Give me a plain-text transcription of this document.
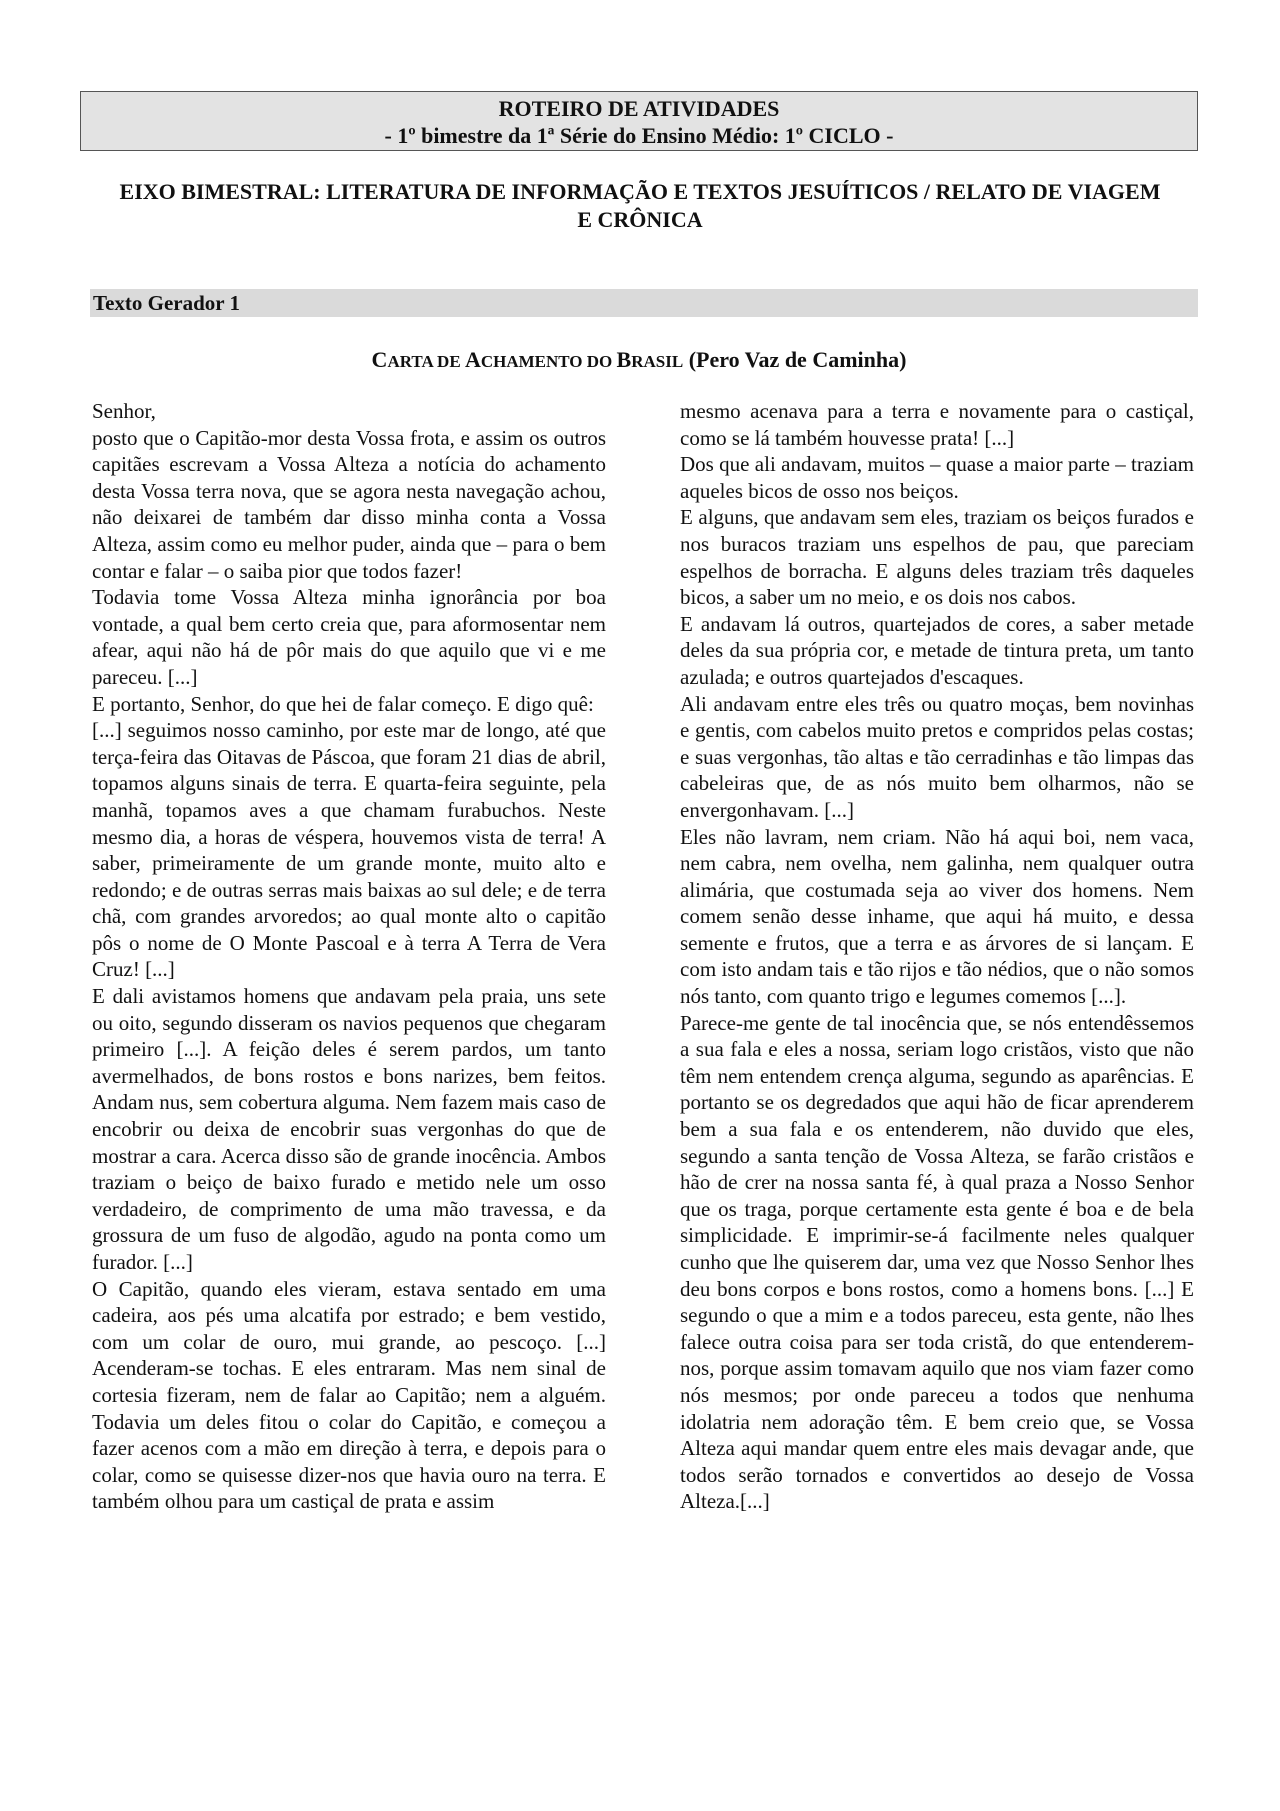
ROTEIRO DE ATIVIDADES
- 1º bimestre da 1ª Série do Ensino Médio: 1º CICLO -
EIXO BIMESTRAL: LITERATURA DE INFORMAÇÃO E TEXTOS JESUÍTICOS / RELATO DE VIAGEM E CRÔNICA
Texto Gerador 1
CARTA DE ACHAMENTO DO BRASIL (Pero Vaz de Caminha)

Senhor,

posto que o Capitão-mor desta Vossa frota, e assim os outros capitães escrevam a Vossa Alteza a notícia do achamento desta Vossa terra nova, que se agora nesta navegação achou, não deixarei de também dar disso minha conta a Vossa Alteza, assim como eu melhor puder, ainda que – para o bem contar e falar – o saiba pior que todos fazer!

Todavia tome Vossa Alteza minha ignorância por boa vontade, a qual bem certo creia que, para aformosentar nem afear, aqui não há de pôr mais do que aquilo que vi e me pareceu. [...]

E portanto, Senhor, do que hei de falar começo. E digo quê:

[...] seguimos nosso caminho, por este mar de longo, até que terça-feira das Oitavas de Páscoa, que foram 21 dias de abril, topamos alguns sinais de terra. E quarta-feira seguinte, pela manhã, topamos aves a que chamam furabuchos. Neste mesmo dia, a horas de véspera, houvemos vista de terra! A saber, primeiramente de um grande monte, muito alto e redondo; e de outras serras mais baixas ao sul dele; e de terra chã, com grandes arvoredos; ao qual monte alto o capitão pôs o nome de O Monte Pascoal e à terra A Terra de Vera Cruz! [...]

E dali avistamos homens que andavam pela praia, uns sete ou oito, segundo disseram os navios pequenos que chegaram primeiro [...]. A feição deles é serem pardos, um tanto avermelhados, de bons rostos e bons narizes, bem feitos. Andam nus, sem cobertura alguma. Nem fazem mais caso de encobrir ou deixa de encobrir suas vergonhas do que de mostrar a cara. Acerca disso são de grande inocência. Ambos traziam o beiço de baixo furado e metido nele um osso verdadeiro, de comprimento de uma mão travessa, e da grossura de um fuso de algodão, agudo na ponta como um furador. [...]

O Capitão, quando eles vieram, estava sentado em uma cadeira, aos pés uma alcatifa por estrado; e bem vestido, com um colar de ouro, mui grande, ao pescoço. [...] Acenderam-se tochas. E eles entraram. Mas nem sinal de cortesia fizeram, nem de falar ao Capitão; nem a alguém. Todavia um deles fitou o colar do Capitão, e começou a fazer acenos com a mão em direção à terra, e depois para o colar, como se quisesse dizer-nos que havia ouro na terra. E também olhou para um castiçal de prata e assim

mesmo acenava para a terra e novamente para o castiçal, como se lá também houvesse prata! [...]

Dos que ali andavam, muitos – quase a maior parte – traziam aqueles bicos de osso nos beiços.

E alguns, que andavam sem eles, traziam os beiços furados e nos buracos traziam uns espelhos de pau, que pareciam espelhos de borracha. E alguns deles traziam três daqueles bicos, a saber um no meio, e os dois nos cabos.

E andavam lá outros, quartejados de cores, a saber metade deles da sua própria cor, e metade de tintura preta, um tanto azulada; e outros quartejados d'escaques.

Ali andavam entre eles três ou quatro moças, bem novinhas e gentis, com cabelos muito pretos e compridos pelas costas; e suas vergonhas, tão altas e tão cerradinhas e tão limpas das cabeleiras que, de as nós muito bem olharmos, não se envergonhavam. [...]

Eles não lavram, nem criam. Não há aqui boi, nem vaca, nem cabra, nem ovelha, nem galinha, nem qualquer outra alimária, que costumada seja ao viver dos homens. Nem comem senão desse inhame, que aqui há muito, e dessa semente e frutos, que a terra e as árvores de si lançam. E com isto andam tais e tão rijos e tão nédios, que o não somos nós tanto, com quanto trigo e legumes comemos [...].

Parece-me gente de tal inocência que, se nós entendêssemos a sua fala e eles a nossa, seriam logo cristãos, visto que não têm nem entendem crença alguma, segundo as aparências. E portanto se os degredados que aqui hão de ficar aprenderem bem a sua fala e os entenderem, não duvido que eles, segundo a santa tenção de Vossa Alteza, se farão cristãos e hão de crer na nossa santa fé, à qual praza a Nosso Senhor que os traga, porque certamente esta gente é boa e de bela simplicidade. E imprimir-se-á facilmente neles qualquer cunho que lhe quiserem dar, uma vez que Nosso Senhor lhes deu bons corpos e bons rostos, como a homens bons. [...] E segundo o que a mim e a todos pareceu, esta gente, não lhes falece outra coisa para ser toda cristã, do que entenderem-nos, porque assim tomavam aquilo que nos viam fazer como nós mesmos; por onde pareceu a todos que nenhuma idolatria nem adoração têm. E bem creio que, se Vossa Alteza aqui mandar quem entre eles mais devagar ande, que todos serão tornados e convertidos ao desejo de Vossa Alteza.[...]
